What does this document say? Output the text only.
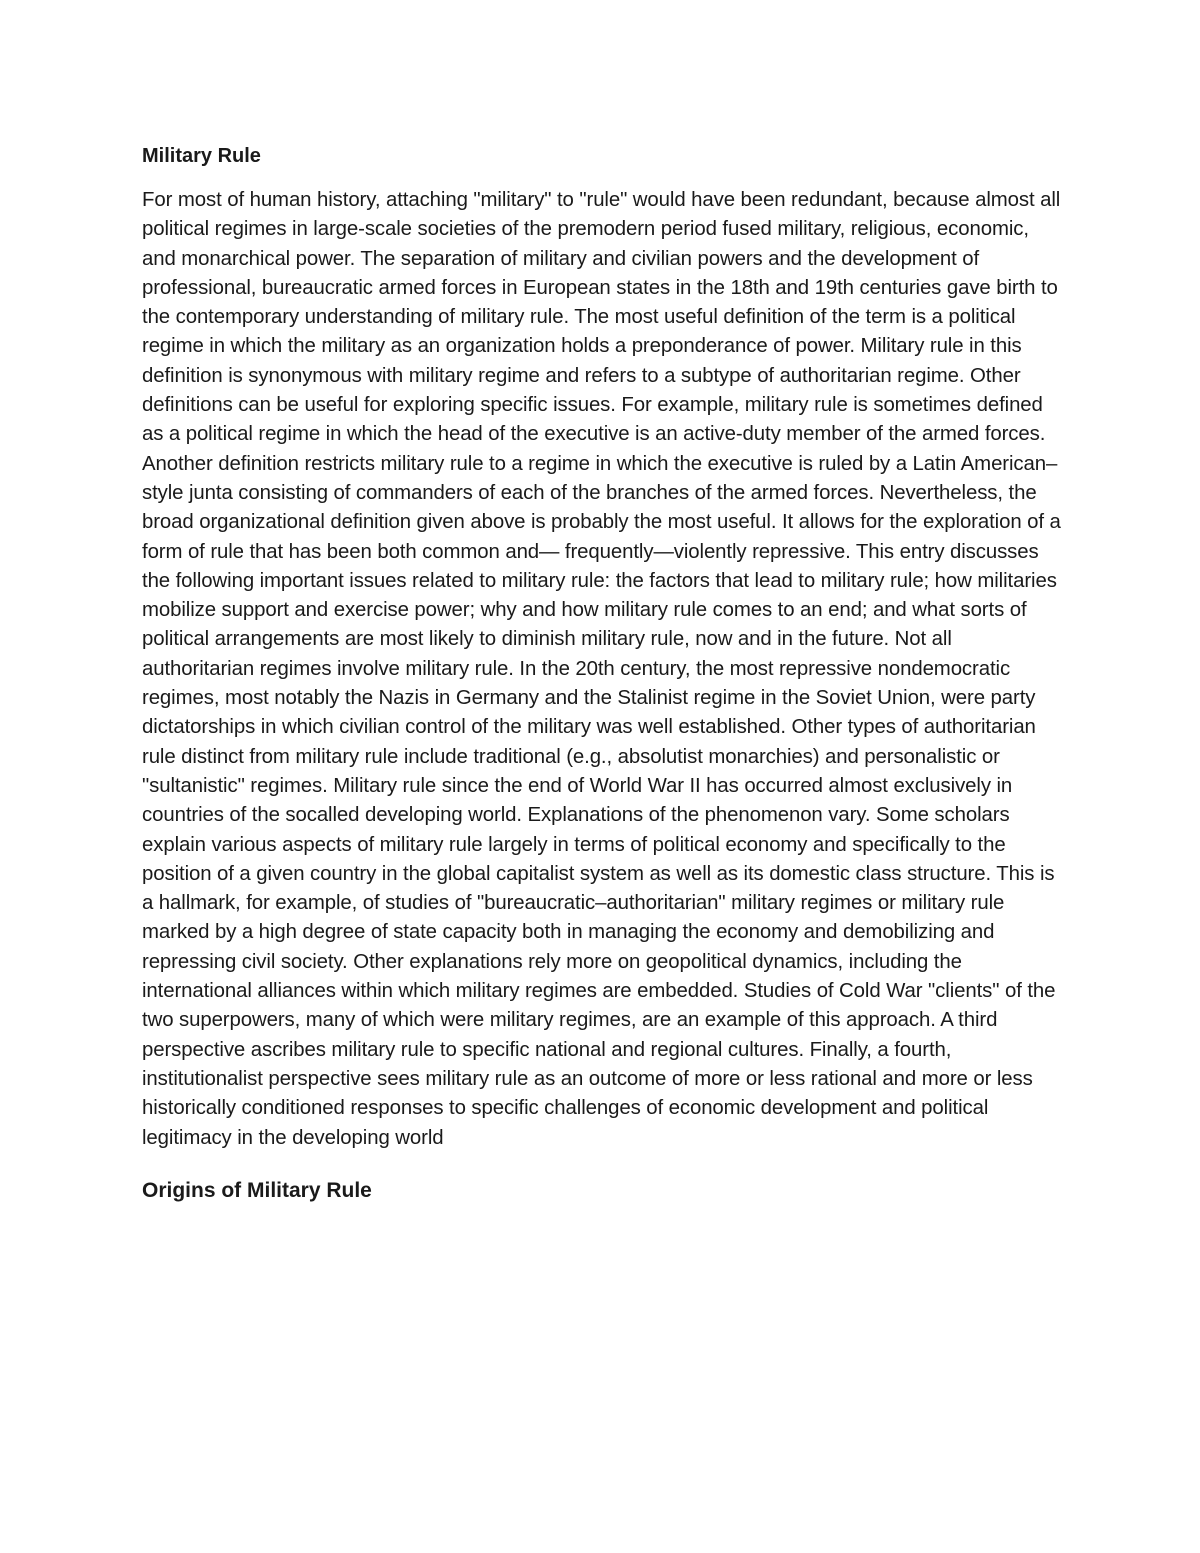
Military Rule

For most of human history, attaching "military" to "rule" would have been redundant, because almost all political regimes in large-scale societies of the premodern period fused military, religious, economic, and monarchical power. The separation of military and civilian powers and the development of professional, bureaucratic armed forces in European states in the 18th and 19th centuries gave birth to the contemporary understanding of military rule. The most useful definition of the term is a political regime in which the military as an organization holds a preponderance of power. Military rule in this definition is synonymous with military regime and refers to a subtype of authoritarian regime. Other definitions can be useful for exploring specific issues. For example, military rule is sometimes defined as a political regime in which the head of the executive is an active-duty member of the armed forces. Another definition restricts military rule to a regime in which the executive is ruled by a Latin American–style junta consisting of commanders of each of the branches of the armed forces. Nevertheless, the broad organizational definition given above is probably the most useful. It allows for the exploration of a form of rule that has been both common and— frequently—violently repressive. This entry discusses the following important issues related to military rule: the factors that lead to military rule; how militaries mobilize support and exercise power; why and how military rule comes to an end; and what sorts of political arrangements are most likely to diminish military rule, now and in the future. Not all authoritarian regimes involve military rule. In the 20th century, the most repressive nondemocratic regimes, most notably the Nazis in Germany and the Stalinist regime in the Soviet Union, were party dictatorships in which civilian control of the military was well established. Other types of authoritarian rule distinct from military rule include traditional (e.g., absolutist monarchies) and personalistic or "sultanistic" regimes. Military rule since the end of World War II has occurred almost exclusively in countries of the socalled developing world. Explanations of the phenomenon vary. Some scholars explain various aspects of military rule largely in terms of political economy and specifically to the position of a given country in the global capitalist system as well as its domestic class structure. This is a hallmark, for example, of studies of "bureaucratic–authoritarian" military regimes or military rule marked by a high degree of state capacity both in managing the economy and demobilizing and repressing civil society. Other explanations rely more on geopolitical dynamics, including the international alliances within which military regimes are embedded. Studies of Cold War "clients" of the two superpowers, many of which were military regimes, are an example of this approach. A third perspective ascribes military rule to specific national and regional cultures. Finally, a fourth, institutionalist perspective sees military rule as an outcome of more or less rational and more or less historically conditioned responses to specific challenges of economic development and political legitimacy in the developing world

Origins of Military Rule
